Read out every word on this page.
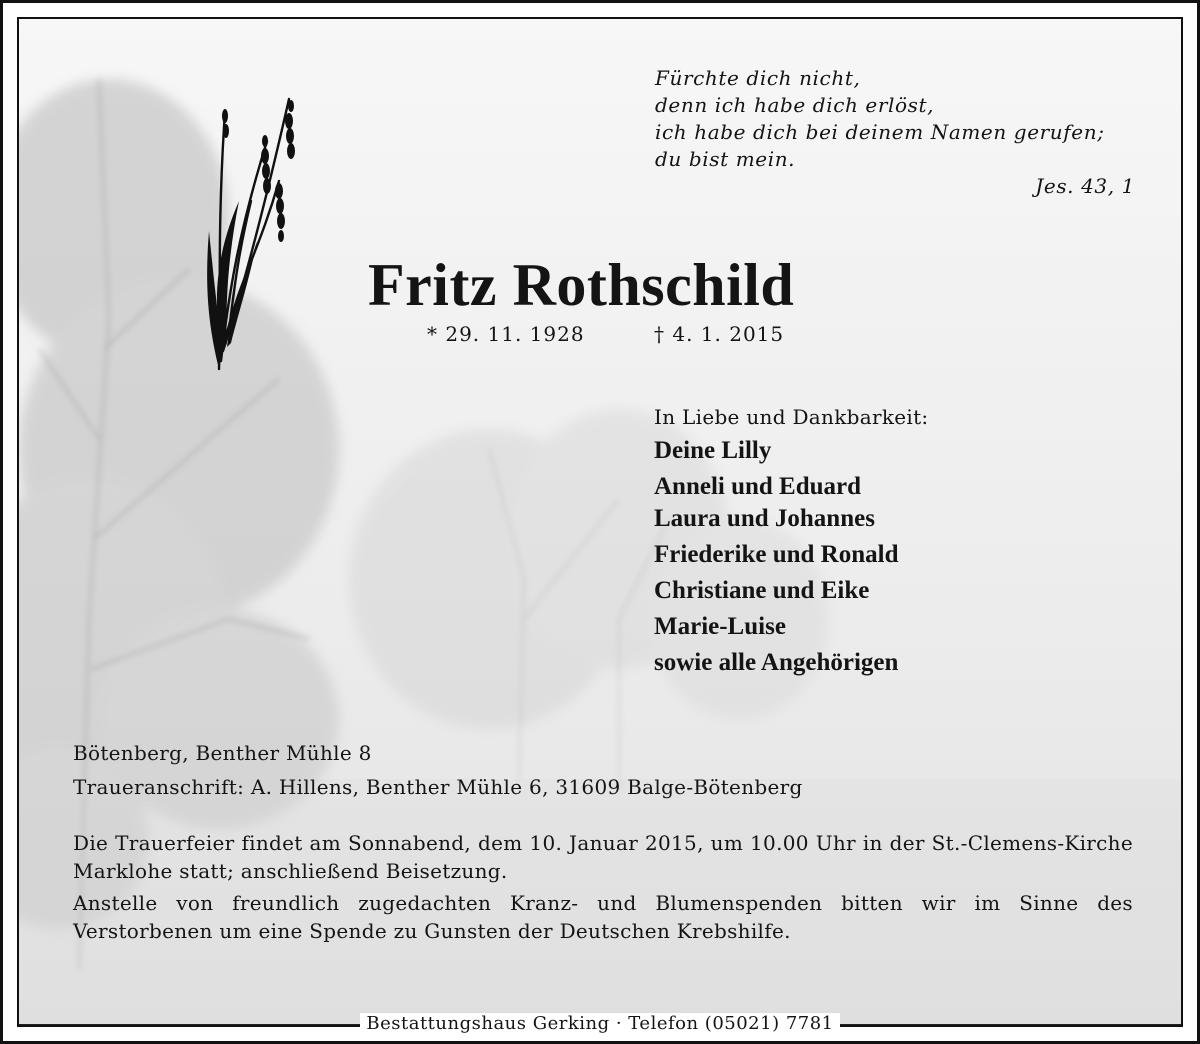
Fürchte dich nicht,
denn ich habe dich erlöst,
ich habe dich bei deinem Namen gerufen;
du bist mein.
Jes. 43, 1
Fritz Rothschild
* 29. 11. 1928	† 4. 1. 2015
In Liebe und Dankbarkeit:
Deine Lilly
Anneli und Eduard
Laura und Johannes
Friederike und Ronald
Christiane und Eike
Marie-Luise
sowie alle Angehörigen
Bötenberg, Benther Mühle 8
Traueranschrift: A. Hillens, Benther Mühle 6, 31609 Balge-Bötenberg
Die Trauerfeier findet am Sonnabend, dem 10. Januar 2015, um 10.00 Uhr in der St.-Clemens-Kirche Marklohe statt; anschließend Beisetzung.
Anstelle von freundlich zugedachten Kranz- und Blumenspenden bitten wir im Sinne des Verstorbenen um eine Spende zu Gunsten der Deutschen Krebshilfe.
Bestattungshaus Gerking · Telefon (05021) 7781
